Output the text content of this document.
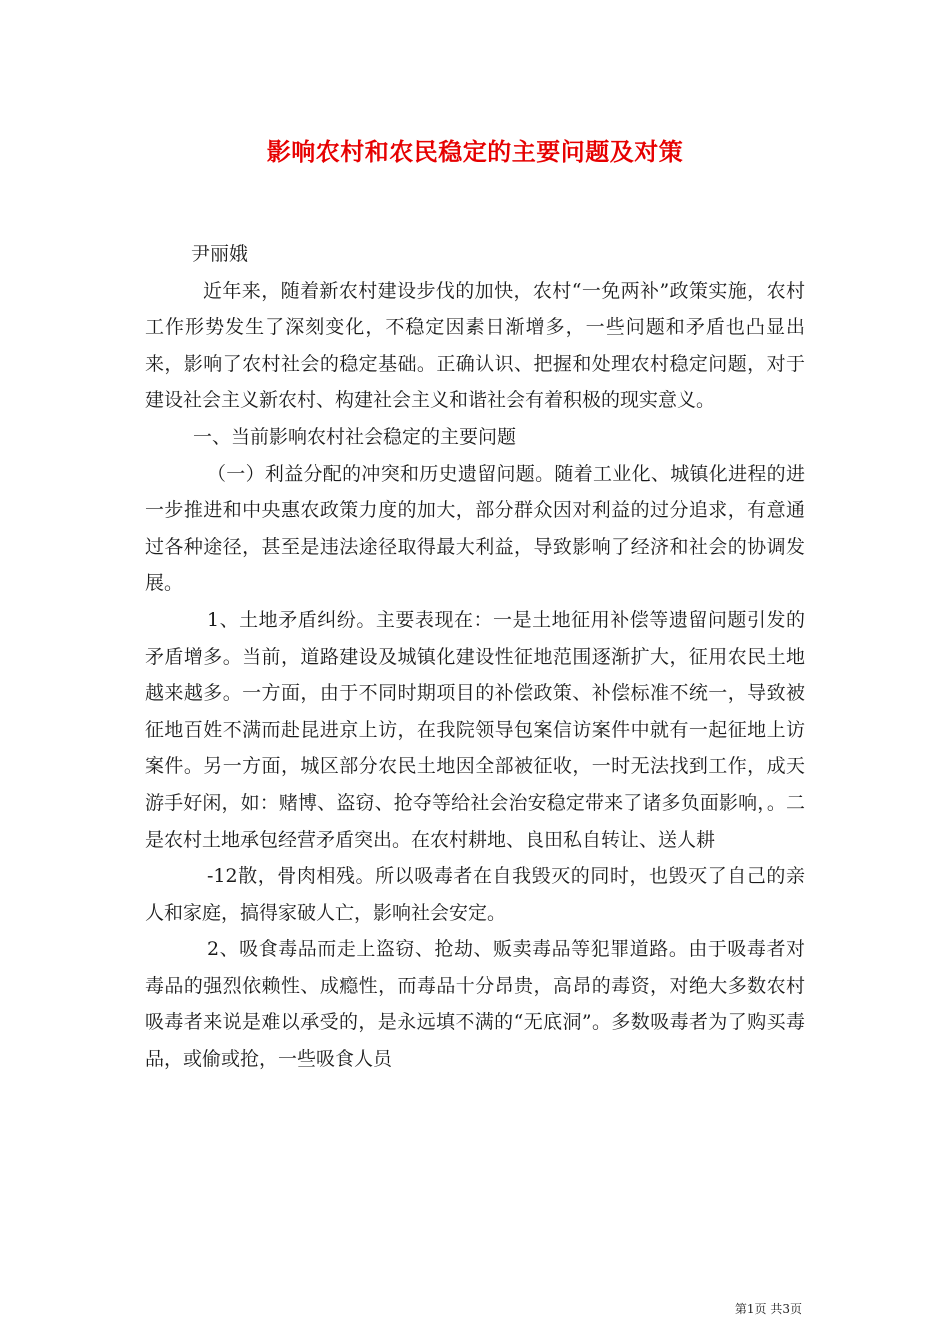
影响农村和农民稳定的主要问题及对策

尹丽娥

近年来，随着新农村建设步伐的加快，农村“一免两补”政策实施，农村工作形势发生了深刻变化，不稳定因素日渐增多，一些问题和矛盾也凸显出来，影响了农村社会的稳定基础。正确认识、把握和处理农村稳定问题，对于建设社会主义新农村、构建社会主义和谐社会有着积极的现实意义。

一、当前影响农村社会稳定的主要问题

（一）利益分配的冲突和历史遗留问题。随着工业化、城镇化进程的进一步推进和中央惠农政策力度的加大，部分群众因对利益的过分追求，有意通过各种途径，甚至是违法途径取得最大利益，导致影响了经济和社会的协调发展。

1、土地矛盾纠纷。主要表现在：一是土地征用补偿等遗留问题引发的矛盾增多。当前，道路建设及城镇化建设性征地范围逐渐扩大，征用农民土地越来越多。一方面，由于不同时期项目的补偿政策、补偿标准不统一，导致被征地百姓不满而赴昆进京上访，在我院领导包案信访案件中就有一起征地上访案件。另一方面，城区部分农民土地因全部被征收，一时无法找到工作，成天游手好闲，如：赌博、盗窃、抢夺等给社会治安稳定带来了诸多负面影响，。二是农村土地承包经营矛盾突出。在农村耕地、良田私自转让、送人耕

-12散，骨肉相残。所以吸毒者在自我毁灭的同时，也毁灭了自己的亲人和家庭，搞得家破人亡，影响社会安定。

2、吸食毒品而走上盗窃、抢劫、贩卖毒品等犯罪道路。由于吸毒者对毒品的强烈依赖性、成瘾性，而毒品十分昂贵，高昂的毒资，对绝大多数农村吸毒者来说是难以承受的，是永远填不满的“无底洞”。多数吸毒者为了购买毒品，或偷或抢，一些吸食人员

第1页 共3页
